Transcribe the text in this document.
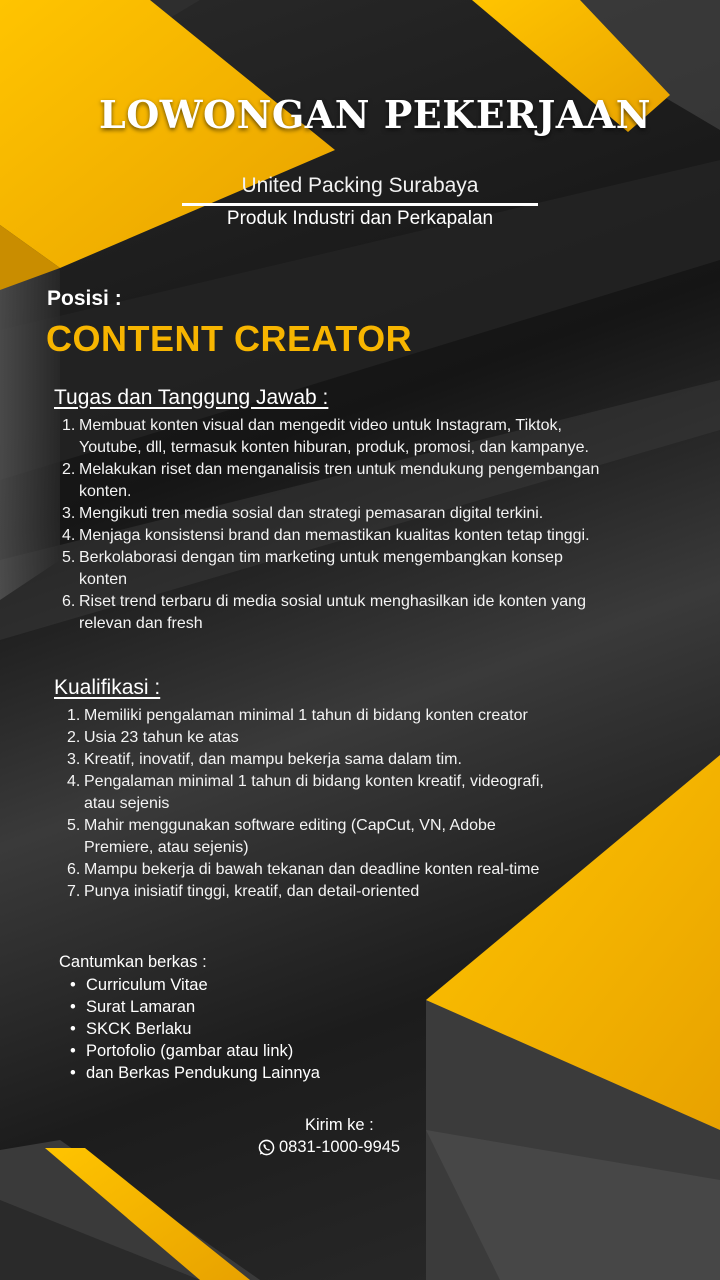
LOWONGAN PEKERJAAN
United Packing Surabaya
Produk Industri dan Perkapalan
Posisi :
CONTENT CREATOR
Tugas dan Tanggung Jawab :
1. Membuat konten visual dan mengedit video untuk Instagram, Tiktok,
Youtube, dll, termasuk konten hiburan, produk, promosi, dan kampanye.
2. Melakukan riset dan menganalisis tren untuk mendukung pengembangan
konten.
3. Mengikuti tren media sosial dan strategi pemasaran digital terkini.
4. Menjaga konsistensi brand dan memastikan kualitas konten tetap tinggi.
5. Berkolaborasi dengan tim marketing untuk mengembangkan konsep
konten
6. Riset trend terbaru di media sosial untuk menghasilkan ide konten yang
relevan dan fresh
Kualifikasi :
1. Memiliki pengalaman minimal 1 tahun di bidang konten creator
2. Usia 23 tahun ke atas
3. Kreatif, inovatif, dan mampu bekerja sama dalam tim.
4. Pengalaman minimal 1 tahun di bidang konten kreatif, videografi,
atau sejenis
5. Mahir menggunakan software editing (CapCut, VN, Adobe
Premiere, atau sejenis)
6. Mampu bekerja di bawah tekanan dan deadline konten real-time
7. Punya inisiatif tinggi, kreatif, dan detail-oriented
Cantumkan berkas :
• Curriculum Vitae
• Surat Lamaran
• SKCK Berlaku
• Portofolio (gambar atau link)
• dan Berkas Pendukung Lainnya
Kirim ke :
0831-1000-9945
